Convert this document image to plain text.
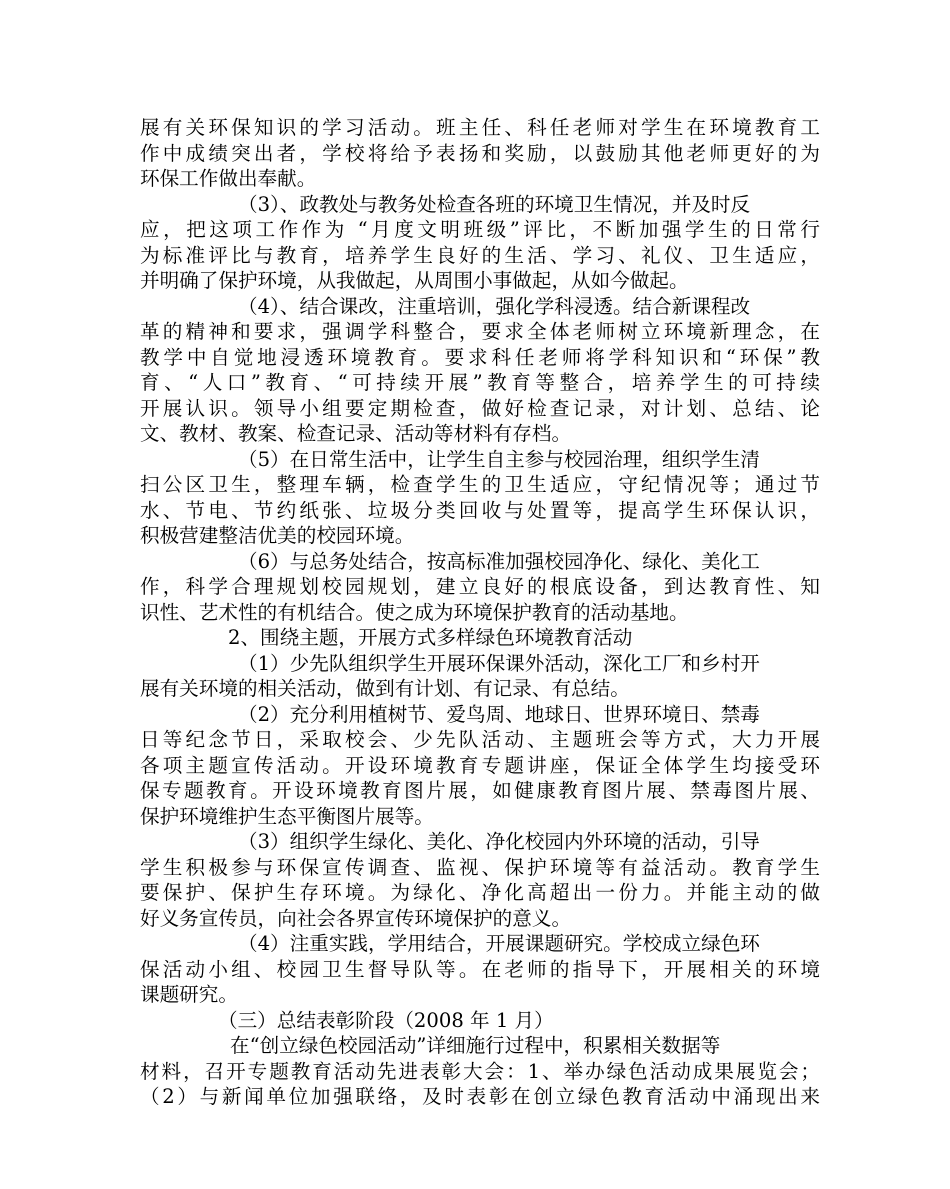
展有关环保知识的学习活动。班主任、科任老师对学生在环境教育工
作中成绩突出者，学校将给予表扬和奖励，以鼓励其他老师更好的为
环保工作做出奉献。
（3）、政教处与教务处检查各班的环境卫生情况，并及时反
应，把这项工作作为 “月度文明班级”评比，不断加强学生的日常行
为标准评比与教育，培养学生良好的生活、学习、礼仪、卫生适应，
并明确了保护环境，从我做起，从周围小事做起，从如今做起。
（4）、结合课改，注重培训，强化学科浸透。结合新课程改
革的精神和要求，强调学科整合，要求全体老师树立环境新理念，在
教学中自觉地浸透环境教育。要求科任老师将学科知识和“环保”教
育、“人口”教育、“可持续开展”教育等整合，培养学生的可持续
开展认识。领导小组要定期检查，做好检查记录，对计划、总结、论
文、教材、教案、检查记录、活动等材料有存档。
（5）在日常生活中，让学生自主参与校园治理，组织学生清
扫公区卫生，整理车辆，检查学生的卫生适应，守纪情况等；通过节
水、节电、节约纸张、垃圾分类回收与处置等，提高学生环保认识，
积极营建整洁优美的校园环境。
（6）与总务处结合，按高标准加强校园净化、绿化、美化工
作，科学合理规划校园规划，建立良好的根底设备，到达教育性、知
识性、艺术性的有机结合。使之成为环境保护教育的活动基地。
2、围绕主题，开展方式多样绿色环境教育活动
（1）少先队组织学生开展环保课外活动，深化工厂和乡村开
展有关环境的相关活动，做到有计划、有记录、有总结。
（2）充分利用植树节、爱鸟周、地球日、世界环境日、禁毒
日等纪念节日，采取校会、少先队活动、主题班会等方式，大力开展
各项主题宣传活动。开设环境教育专题讲座，保证全体学生均接受环
保专题教育。开设环境教育图片展，如健康教育图片展、禁毒图片展、
保护环境维护生态平衡图片展等。
（3）组织学生绿化、美化、净化校园内外环境的活动，引导
学生积极参与环保宣传调查、监视、保护环境等有益活动。教育学生
要保护、保护生存环境。为绿化、净化高超出一份力。并能主动的做
好义务宣传员，向社会各界宣传环境保护的意义。
（4）注重实践，学用结合，开展课题研究。学校成立绿色环
保活动小组、校园卫生督导队等。在老师的指导下，开展相关的环境
课题研究。
（三）总结表彰阶段（2008 年 1 月）
在“创立绿色校园活动”详细施行过程中，积累相关数据等
材料，召开专题教育活动先进表彰大会：1、举办绿色活动成果展览会；
（2）与新闻单位加强联络，及时表彰在创立绿色教育活动中涌现出来
